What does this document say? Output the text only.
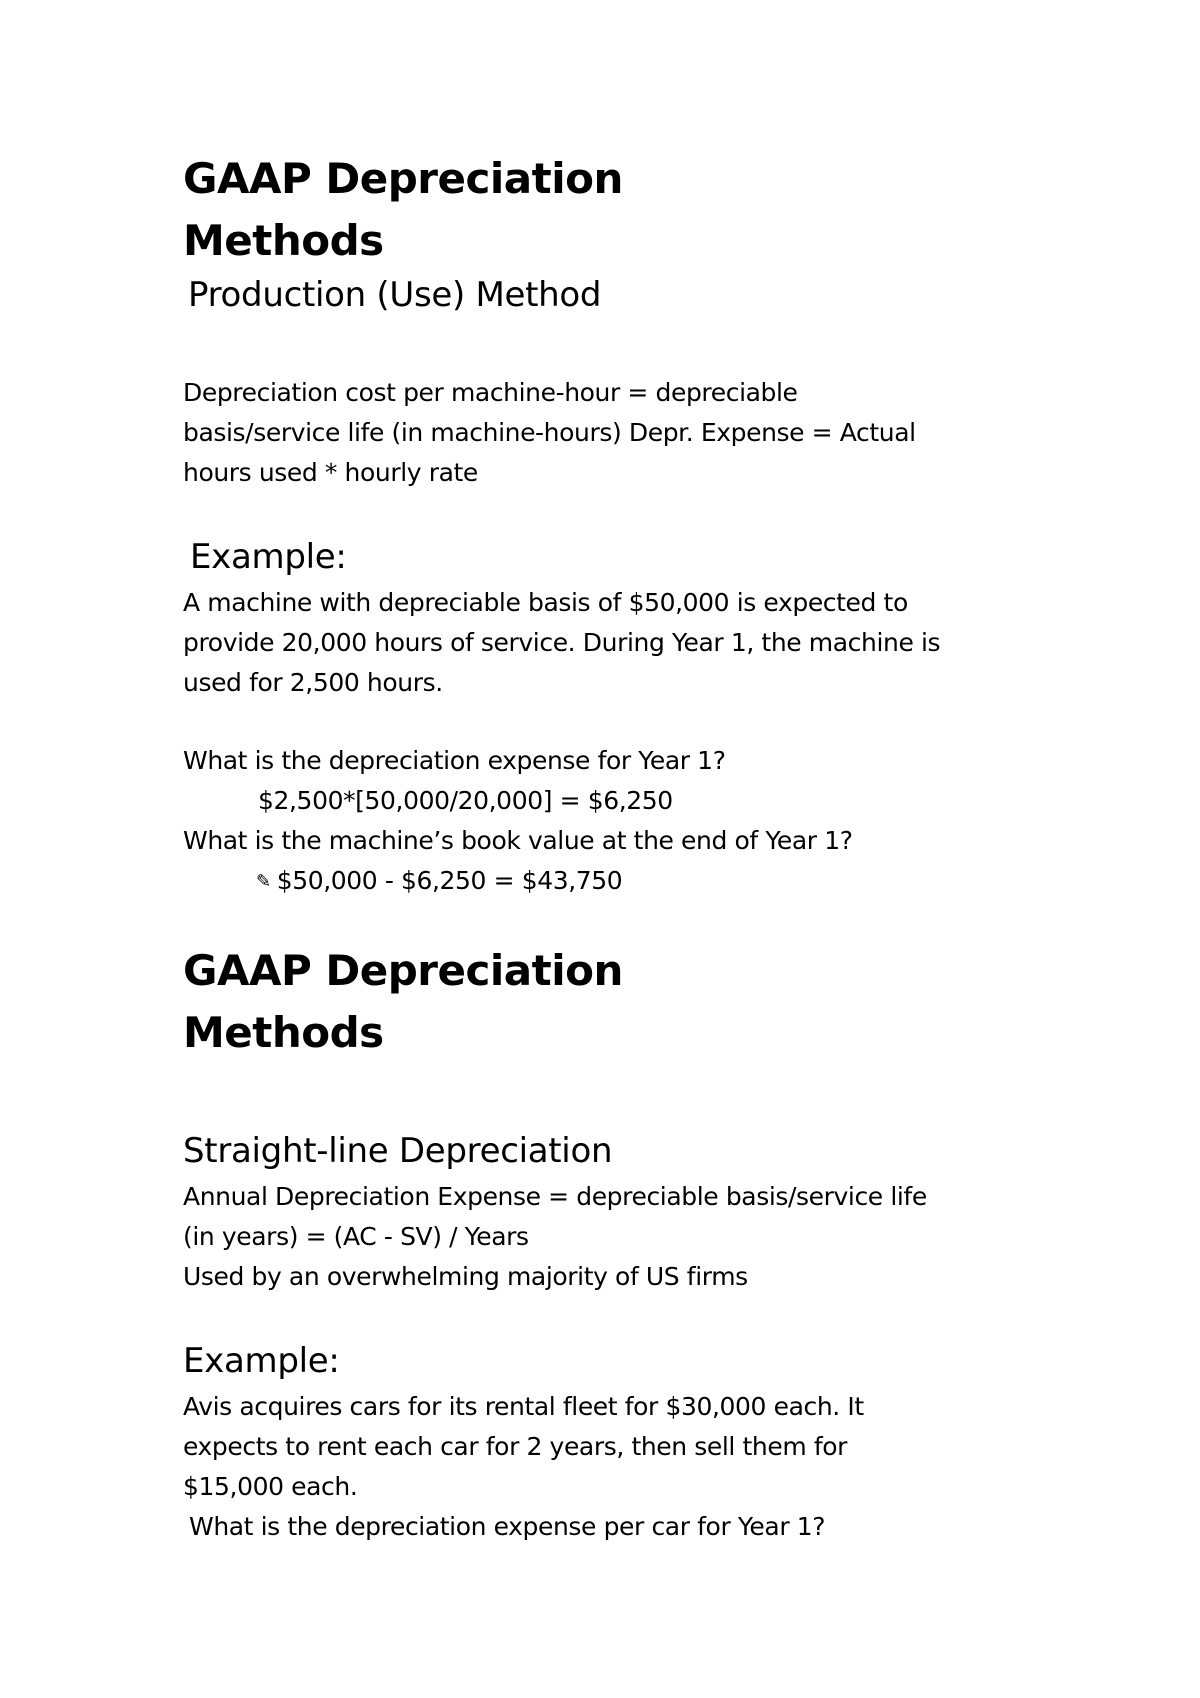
GAAP Depreciation
Methods
Production (Use) Method
Depreciation cost per machine-hour = depreciable
basis/service life (in machine-hours) Depr. Expense = Actual
hours used * hourly rate
Example:
A machine with depreciable basis of $50,000 is expected to
provide 20,000 hours of service. During Year 1, the machine is
used for 2,500 hours.
What is the depreciation expense for Year 1?
$2,500*[50,000/20,000] = $6,250
What is the machine’s book value at the end of Year 1?
✎ $50,000 - $6,250 = $43,750
GAAP Depreciation
Methods
Straight-line Depreciation
Annual Depreciation Expense = depreciable basis/service life
(in years) = (AC - SV) / Years
Used by an overwhelming majority of US firms
Example:
Avis acquires cars for its rental fleet for $30,000 each. It
expects to rent each car for 2 years, then sell them for
$15,000 each.
What is the depreciation expense per car for Year 1?
